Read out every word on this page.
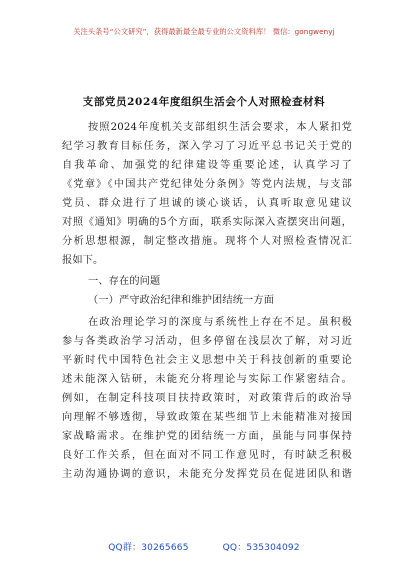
关注头条号“公文研究”，获得最新最全最专业的公文资料库！ 微信：gongwenyj
支部党员2024年度组织生活会个人对照检查材料
按照2024年度机关支部组织生活会要求，本人紧扣党
纪学习教育目标任务，深入学习了习近平总书记关于党的
自我革命、加强党的纪律建设等重要论述，认真学习了
《党章》《中国共产党纪律处分条例》等党内法规，与支部
党员、群众进行了坦诚的谈心谈话，认真听取意见建议
对照《通知》明确的5个方面，联系实际深入查摆突出问题，
分析思想根源，制定整改措施。现将个人对照检查情况汇
报如下。
一、存在的问题
（一）严守政治纪律和维护团结统一方面
在政治理论学习的深度与系统性上存在不足。虽积极
参与各类政治学习活动，但多停留在浅层次了解，对习近
平新时代中国特色社会主义思想中关于科技创新的重要论
述未能深入钻研，未能充分将理论与实际工作紧密结合。
例如，在制定科技项目扶持政策时，对政策背后的政治导
向理解不够透彻，导致政策在某些细节上未能精准对接国
家战略需求。在维护党的团结统一方面，虽能与同事保持
良好工作关系，但在面对不同工作意见时，有时缺乏积极
主动沟通协调的意识，未能充分发挥党员在促进团队和谐
QQ群：30265665	QQ：535304092
